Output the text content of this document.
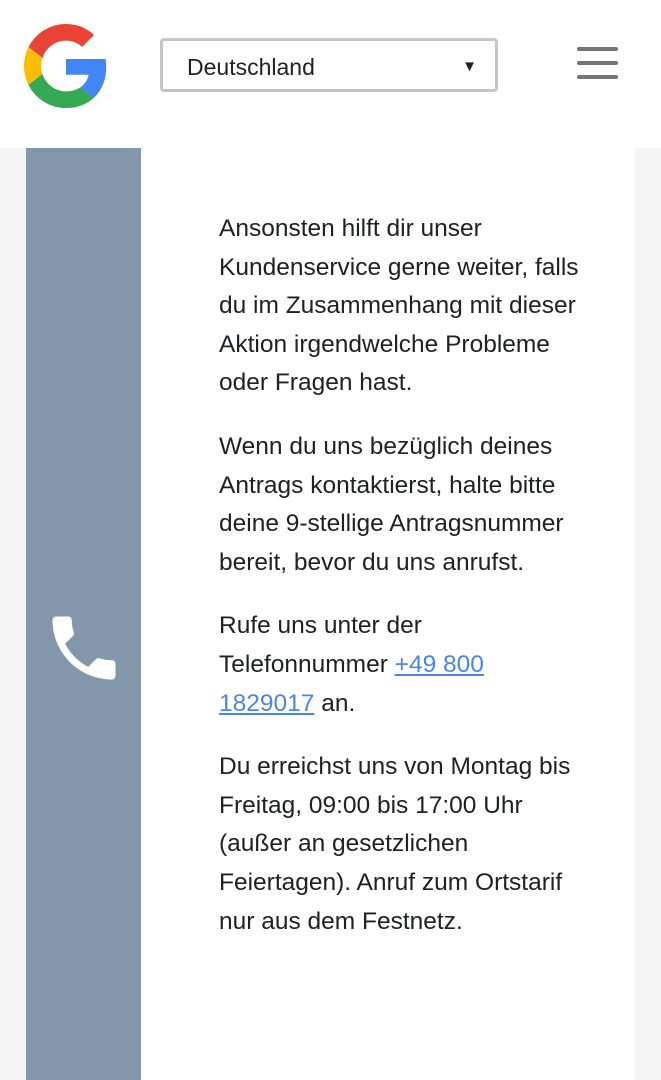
Deutschland	▼

Ansonsten hilft dir unser Kundenservice gerne weiter, falls du im Zusammenhang mit dieser Aktion irgendwelche Probleme oder Fragen hast.

Wenn du uns bezüglich deines Antrags kontaktierst, halte bitte deine 9-stellige Antragsnummer bereit, bevor du uns anrufst.

Rufe uns unter der Telefonnummer +49 800 1829017 an.

Du erreichst uns von Montag bis Freitag, 09:00 bis 17:00 Uhr (außer an gesetzlichen Feiertagen). Anruf zum Ortstarif nur aus dem Festnetz.
